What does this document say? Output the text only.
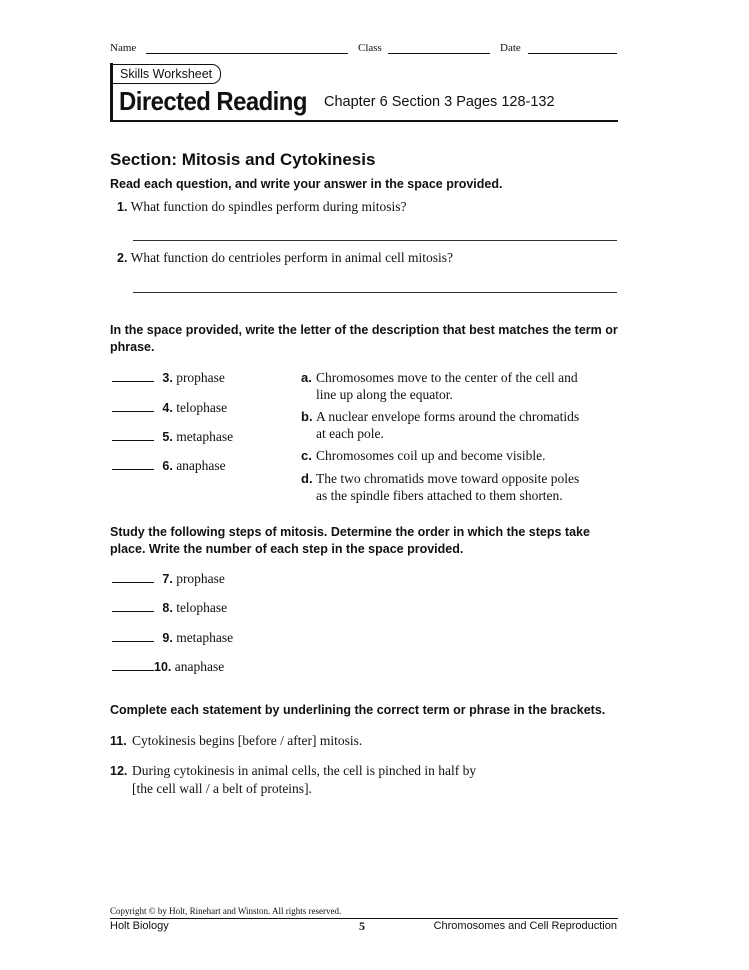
Name	Class	Date
Skills Worksheet
Directed Reading Chapter 6 Section 3 Pages 128-132
Section: Mitosis and Cytokinesis
Read each question, and write your answer in the space provided.
1. What function do spindles perform during mitosis?
2. What function do centrioles perform in animal cell mitosis?
In the space provided, write the letter of the description that best matches the term or phrase.
3. prophase
4. telophase
5. metaphase
6. anaphase
a. Chromosomes move to the center of the cell and
line up along the equator.
b. A nuclear envelope forms around the chromatids
at each pole.
c. Chromosomes coil up and become visible.
d. The two chromatids move toward opposite poles
as the spindle fibers attached to them shorten.
Study the following steps of mitosis. Determine the order in which the steps take place. Write the number of each step in the space provided.
7. prophase
8. telophase
9. metaphase
10. anaphase
Complete each statement by underlining the correct term or phrase in the brackets.
11. Cytokinesis begins [before / after] mitosis.
12. During cytokinesis in animal cells, the cell is pinched in half by
[the cell wall / a belt of proteins].
Copyright © by Holt, Rinehart and Winston. All rights reserved.
Holt Biology	5	Chromosomes and Cell Reproduction
